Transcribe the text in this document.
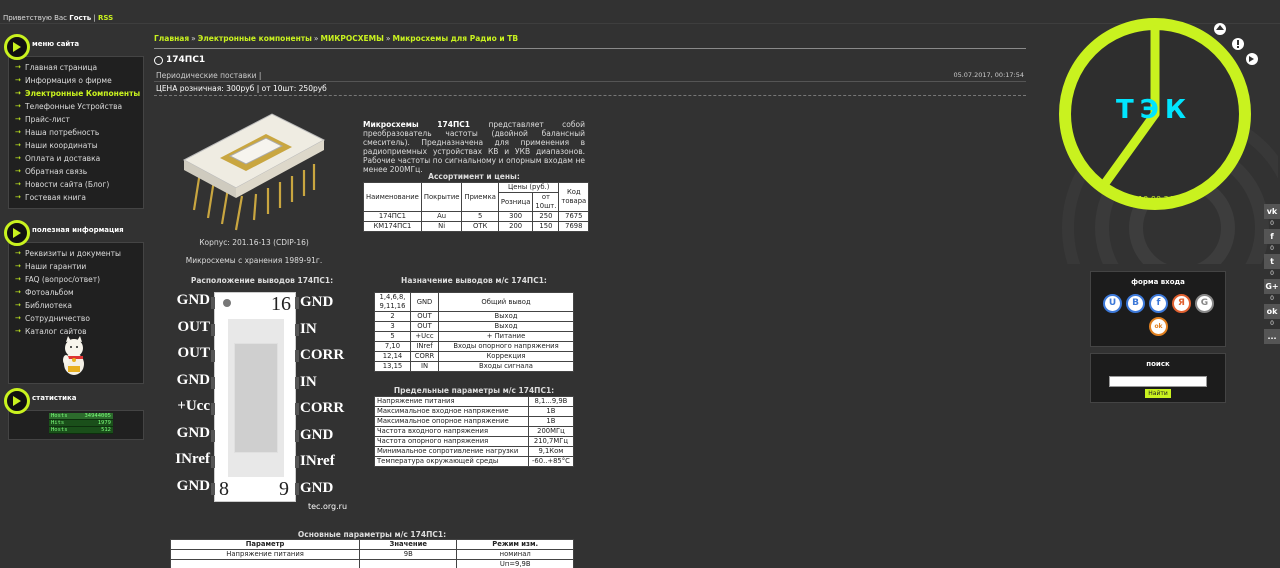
Приветствую Вас Гость | RSS
меню сайта
→ Главная страница
→ Информация о фирме
→ Электронные Компоненты
→ Телефонные Устройства
→ Прайс-лист
→ Наша потребность
→ Наши координаты
→ Оплата и доставка
→ Обратная связь
→ Новости сайта (Блог)
→ Гостевая книга
полезная информация
→ Реквизиты и документы
→ Наши гарантии
→ FAQ (вопрос/ответ)
→ Фотоальбом
→ Библиотека
→ Сотрудничество
→ Каталог сайтов
статистика
Hosts	34944005
Hits	1979
Hosts	512
Главная » Электронные компоненты » МИКРОСХЕМЫ » Микросхемы для Радио и ТВ
174ПС1
Периодические поставки |	05.07.2017, 00:17:54
ЦЕНА розничная: 300руб | от 10шт: 250руб
Корпус: 201.16-13 (CDIP-16)
Микросхемы с хранения 1989-91г.
Микросхемы 174ПС1 представляет собой преобразователь частоты (двойной балансный смеситель). Предназначена для применения в радиоприемных устройствах КВ и УКВ диапазонов. Рабочие частоты по сигнальному и опорным входам не менее 200МГц.
Ассортимент и цены:
Наименование	Покрытие	Приемка	Цены (руб.)		Код товара
			Розница	от 10шт.	
174ПС1	Au	5	300	250	7675
КМ174ПС1	Ni	ОТК	200	150	7698
Расположение выводов 174ПС1:
16
8	9
GND
OUT
OUT
GND
+Ucc
GND
INref
GND
GND
IN
CORR
IN
CORR
GND
INref
GND
tec.org.ru
Назначение выводов м/с 174ПС1:
1,4,6,8,
9,11,16	GND	Общий вывод
2	OUT	Выход
3	OUT	Выход
5	+Ucc	+ Питание
7,10	INref	Входы опорного напряжения
12,14	CORR	Коррекция
13,15	IN	Входы сигнала
Предельные параметры м/с 174ПС1:
Напряжение питания	8,1...9,9В
Максимальное входное напряжение	1В
Максимальное опорное напряжение	1В
Частота входного напряжения	200МГц
Частота опорного напряжения	210,7МГц
Минимальное сопротивление нагрузки	9,1Ком
Температура окружающей среды	-60..+85°С
Основные параметры м/с 174ПС1:
Параметр	Значение	Режим изм.
Напряжение питания	9В	номинал
		Uп=9,9В
ТЭК
10:00:26
форма входа
U	B	f	Я	G
ok
поиск
Найти
vk
0
f
0
t
0
G+
0
ok
0
...
